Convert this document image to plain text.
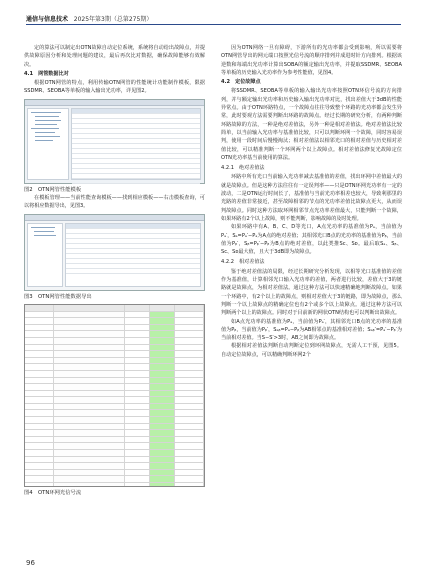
通信与信息技术 2025年第3期（总第275期）

定的算法可以制定出OTN故障自动定位系统，系统将自动给出故障点，并提供故障原因分析和处理问题的建议，最后再次比对数据，确保故障能够有效解决。

4.1　网管数据比对

根据OTN网管的特点，利用传输OTN网管的性能统计功能制作模板，限据SSDMR、SEOBA等单板的输入输出光功率，详见图2。

图2　OTN网管性能模板

在模板管理——当前性能查询模板——找到相应模板——右击模板查询，可以将相应数据导出，见图3。

图3　OTN网管性能数据导出

图4　OTN环网光信号流

因为OTN网络一旦有障碍，下游所有的光功率都会受到影响，所以需要将OTN网管导出的网元端口按照光信号流的顺序排列并成进时针方向排列。根据该逆数和每端出光功率计算出SOBA的额定输出光功率，并提取SSDMR、SEOBA等单板的历史输入光功率作为参考性能值，见图4。

4.2　定位故障点

将SSDMR、SEOBA等单板的输入输出光功率按照OTN环信号流的方向排列，并与额定输出光功率和历史输入输出光功率对比，找出差值大于3dB的性能异常点。由于OTN环路特点，一个故障点往往导致整个环路的光功率都会发生异常，此时要观方法需要判断出环路的故障点。经过长期的研究分析，有两种判断环路故障的方法，一种是绝对差值法，另外一种是相对差值法。绝对差值法比较简单，以当前输入光功率与基准值比较，只可以判断环网一个故障，同时容易误判，使用一段时间后慢慢淘汰；相对差值法以相邻光口的相对差值与历史相对差值比较，可以精准判断一个环网两个以上故障点。相对差值法修复光故障定位OTN光功率基当前使用的算法。

4.2.1　绝对差值法

环路中所有光口当前输入光功率减去基准值的差值，找出环网中差值最大的就是故障点。但是这种方法往往有一定误判率——只是OTN环网光功率有一定的波动，二是OTN运行时间长了，基准值与当前光功率相差也较大，导致利那里的光路的差值非常接近，甚至故障相邻的节点的光功率差值比故障点更大，从而误判故障点。同时这种方法取环网相邻节点光功率差值最大，只能判断一个故障，如果环路有2个以上故障，则不能判断，影响故障的及时处理。

如果环路中有A、B、C、D等光口，A点光功率的基准值为Pₐ，当前值为Pₐ′，Sₐ=Pₐ′−Pₐ为A点的绝对差值；其相邻光口B点的光功率的基准值为Pᵦ，当前值为Pᵦ′，Sᵦ=Pᵦ′−Pᵦ为B点的绝对差值，以此类推Sᴄ、Sᴅ。最后取Sₐ、Sᵦ、Sᴄ、Sᴅ最大值，且大于3dB即为故障点。

4.2.2　相对差值法

鉴于绝对差值法的局限，经过长期研究分析发现，以相等光口基准值的差值作为基准值，计算相邻光口输入光功率的差值，两者进行比较，差值大于3的链路就是故障点，为相对差值法。通过这种方法可以快速精确地判断故障点。如果一个环路中，有2个以上的故障点，则相对差值大于3的链路，即为故障点，那么判断一个以上故障点的精确定位也有2个或多个以上故障点。通过这种方法可以判断两个以上的故障点。同时对于目前新的网状OTN结构也可以判断出故障点。

如A点光功率的基准值为Pₐ，当前值为Pₐ′，其相邻光口B点的光功率的基准值为Pᵦ，当前值为Pᵦ′，Sₐᵦ=Pₐ−Pᵦ为AB相邻点的基准相对差值；Sₐᵦ′=Pₐ′−Pᵦ′为当前相对差值。当S−S′>3时，AB之间即为故障点。

根据相对差值法判断自动判断定位到环网故障点，无需人工干预，见图5。自动定位故障点，可以精确判断环网2个

96
